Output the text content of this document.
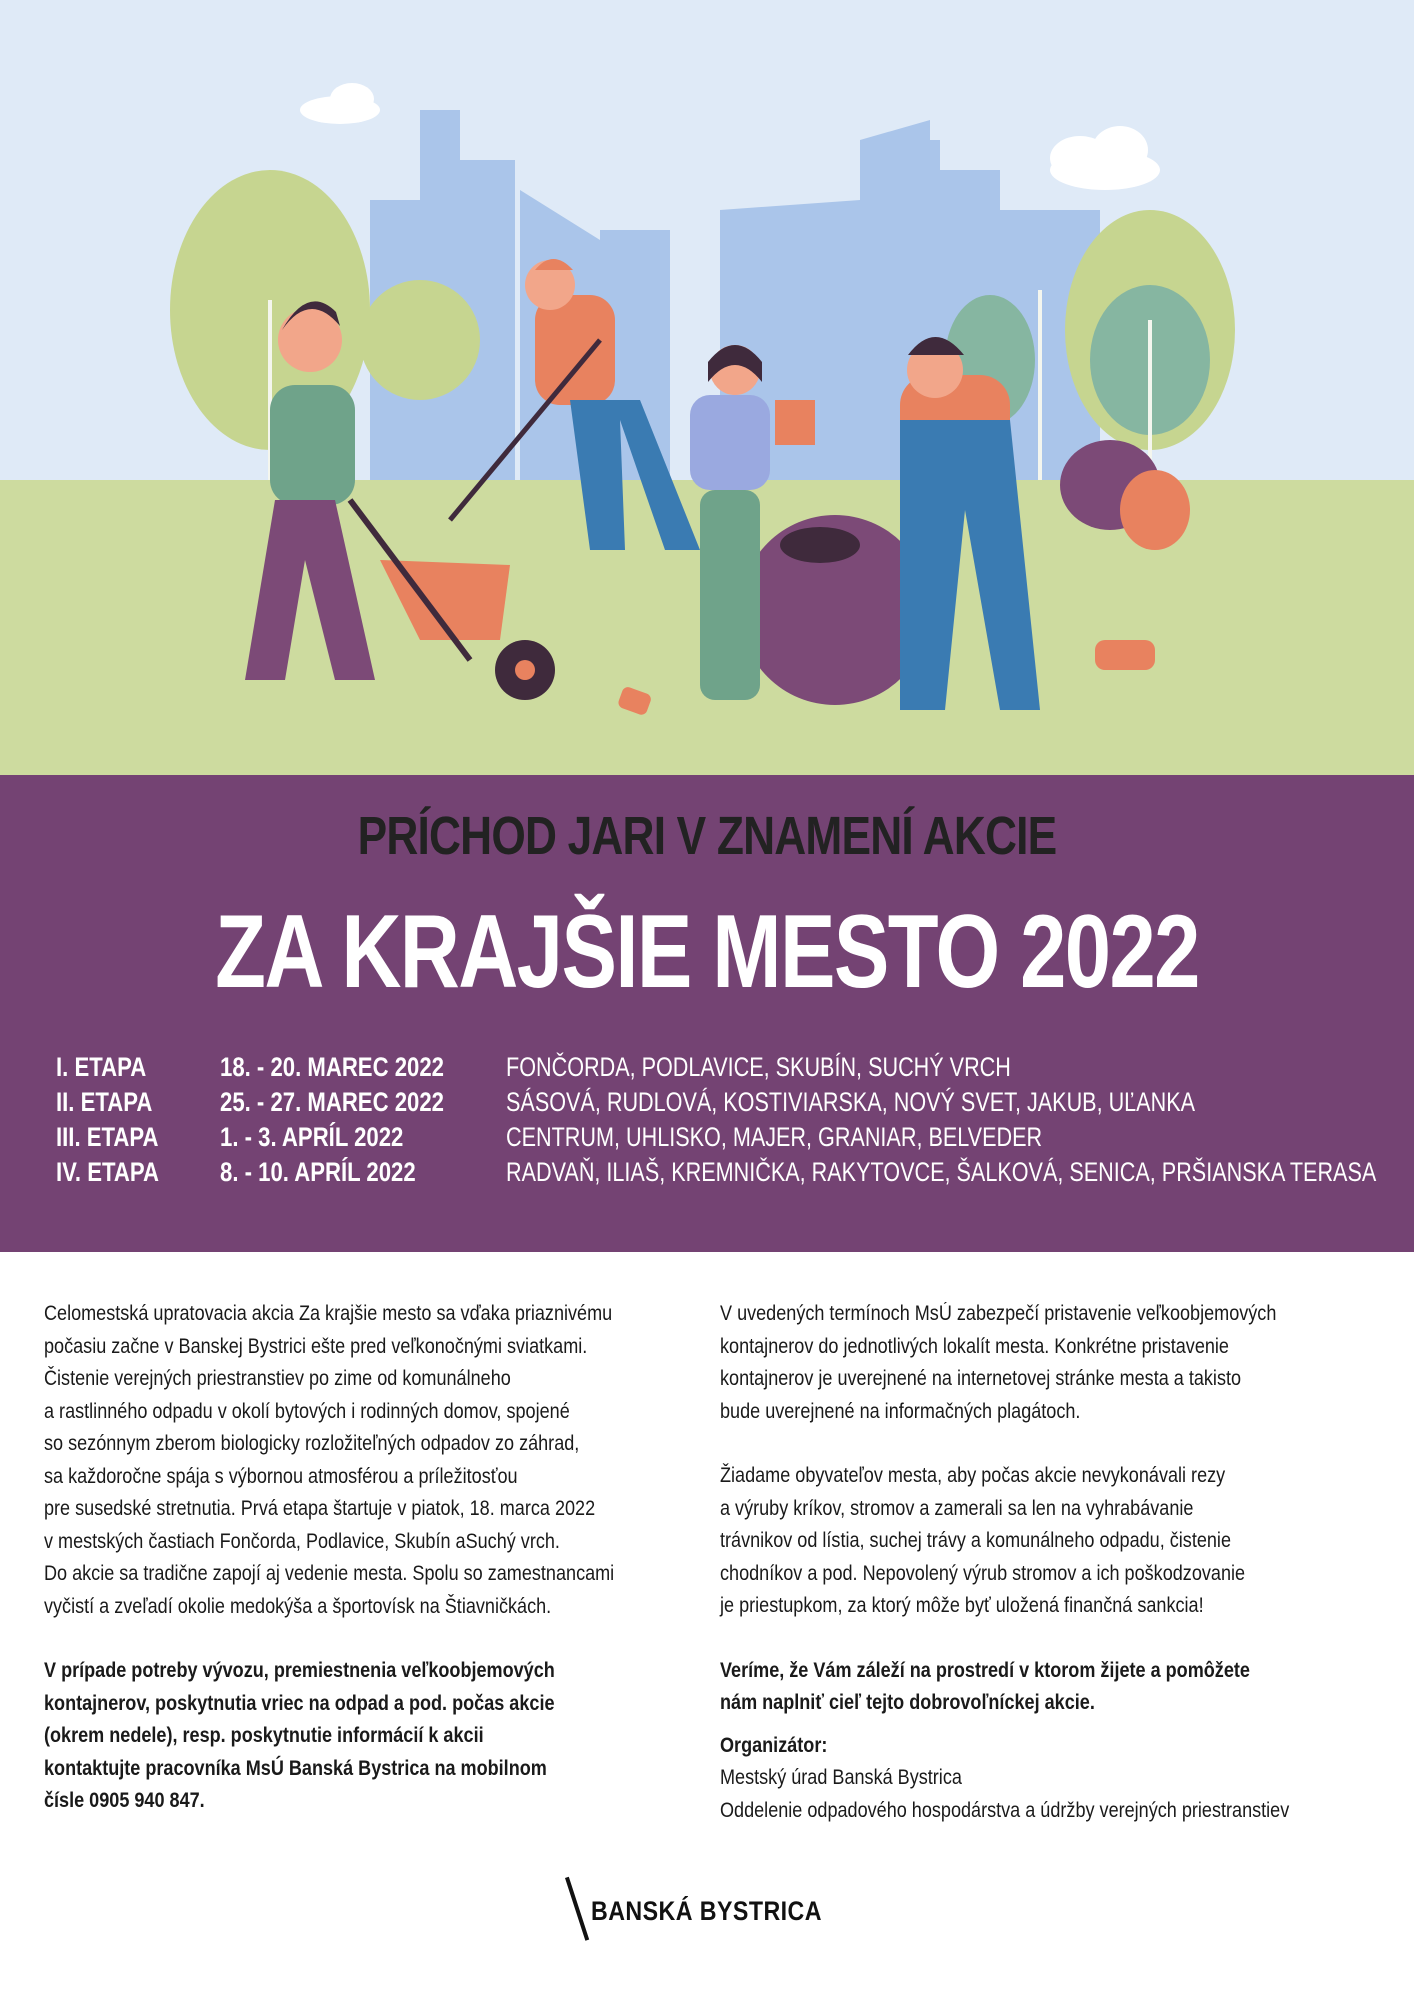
PRÍCHOD JARI V ZNAMENÍ AKCIE
ZA KRAJŠIE MESTO 2022
I. ETAPA	18. - 20. MAREC 2022 FONČORDA, PODLAVICE, SKUBÍN, SUCHÝ VRCH
II. ETAPA	25. - 27. MAREC 2022 SÁSOVÁ, RUDLOVÁ, KOSTIVIARSKA, NOVÝ SVET, JAKUB, UĽANKA
III. ETAPA 1. - 3. APRÍL 2022	CENTRUM, UHLISKO, MAJER, GRANIAR, BELVEDER
IV. ETAPA 8. - 10. APRÍL 2022	RADVAŇ, ILIAŠ, KREMNIČKA, RAKYTOVCE, ŠALKOVÁ, SENICA, PRŠIANSKA TERASA

Celomestská upratovacia akcia Za krajšie mesto sa vďaka priaznivému

počasiu začne v Banskej Bystrici ešte pred veľkonočnými sviatkami.

Čistenie verejných priestranstiev po zime od komunálneho

a rastlinného odpadu v okolí bytových i rodinných domov, spojené

so sezónnym zberom biologicky rozložiteľných odpadov zo záhrad,

sa každoročne spája s výbornou atmosférou a príležitosťou

pre susedské stretnutia. Prvá etapa štartuje v piatok, 18. marca 2022

v mestských častiach Fončorda, Podlavice, Skubín aSuchý vrch.

Do akcie sa tradične zapojí aj vedenie mesta. Spolu so zamestnancami

vyčistí a zveľadí okolie medokýša a športovísk na Štiavničkách.

V prípade potreby vývozu, premiestnenia veľkoobjemových

kontajnerov, poskytnutia vriec na odpad a pod. počas akcie

(okrem nedele), resp. poskytnutie informácií k akcii

kontaktujte pracovníka MsÚ Banská Bystrica na mobilnom

čísle 0905 940 847.

V uvedených termínoch MsÚ zabezpečí pristavenie veľkoobjemových

kontajnerov do jednotlivých lokalít mesta. Konkrétne pristavenie

kontajnerov je uverejnené na internetovej stránke mesta a takisto

bude uverejnené na informačných plagátoch.

Žiadame obyvateľov mesta, aby počas akcie nevykonávali rezy

a výruby kríkov, stromov a zamerali sa len na vyhrabávanie

trávnikov od lístia, suchej trávy a komunálneho odpadu, čistenie

chodníkov a pod. Nepovolený výrub stromov a ich poškodzovanie

je priestupkom, za ktorý môže byť uložená finančná sankcia!

Veríme, že Vám záleží na prostredí v ktorom žijete a pomôžete

nám naplniť cieľ tejto dobrovoľníckej akcie.

Organizátor:

Mestský úrad Banská Bystrica

Oddelenie odpadového hospodárstva a údržby verejných priestranstiev

BANSKÁ BYSTRICA
